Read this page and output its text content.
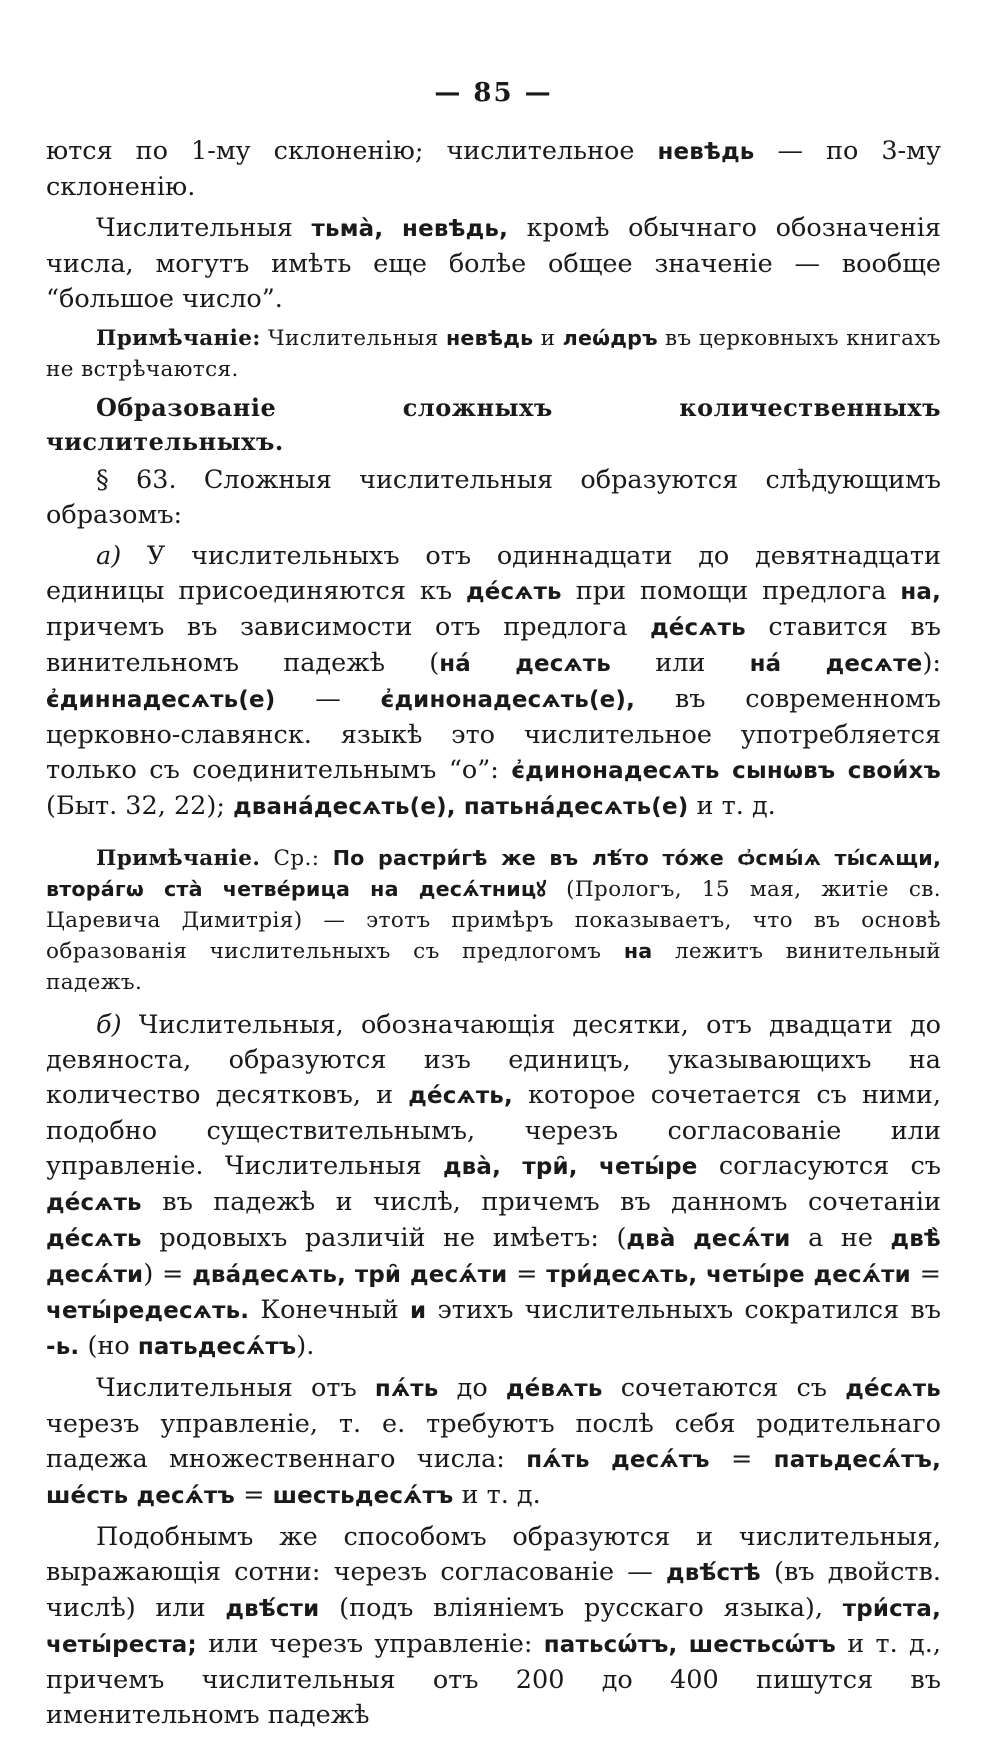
— 85 —

ются по 1-му склоненію; числительное невѣдь — по 3-му склоненію.

Числительныя тьма̀, невѣдь, кромѣ обычнаго обозначенія числа, могутъ имѣть еще болѣе общее значеніе — вообще “большое число”.

Примѣчаніе: Числительныя невѣдь и леѡ́дръ въ церковныхъ книгахъ не встрѣчаются.

Образованіе сложныхъ количественныхъ числительныхъ.

§ 63. Сложныя числительныя образуются слѣдующимъ образомъ:

а) У числительныхъ отъ одиннадцати до девятнадцати единицы присоединяются къ де́сѧть при помощи предлога на, причемъ въ зависимости отъ предлога де́сѧть ставится въ винительномъ падежѣ (на́ десѧть или на́ десѧте): є҆диннадесѧть(е) — є҆динонадесѧть(е), въ современномъ церковно-славянск. языкѣ это числительное употребляется только съ соединительнымъ “о”: є҆динонадесѧть сынѡвъ свои́хъ (Быт. 32, 22); двана́десѧть(е), патьна́десѧть(е) и т. д.

Примѣчаніе. Ср.: По растри́гѣ же въ лѣ́то то́же ѻ҆смы́ѧ ты́сѧщи, втора́гѡ ста̀ четве́рица на десѧ́тницꙋ (Прологъ, 15 мая, житіе св. Царевича Димитрія) — этотъ примѣръ показываетъ, что въ основѣ образованія числительныхъ съ предлогомъ на лежитъ винительный падежъ.

б) Числительныя, обозначающія десятки, отъ двадцати до девяноста, образуются изъ единицъ, указывающихъ на количество десятковъ, и де́сѧть, которое сочетается съ ними, подобно существительнымъ, черезъ согласованіе или управленіе. Числительныя два̀, три̑, четы́ре согласуются съ де́сѧть въ падежѣ и числѣ, причемъ въ данномъ сочетаніи де́сѧть родовыхъ различій не имѣетъ: (два̀ десѧ́ти а не двѣ̀ десѧ́ти) = два́десѧть, три̑ десѧ́ти = три́десѧть, четы́ре десѧ́ти = четы́редесѧть. Конечный и этихъ числительныхъ сократился въ -ь. (но патьдесѧ́тъ).

Числительныя отъ пѧ́ть до де́вѧть сочетаются съ де́сѧть черезъ управленіе, т. е. требуютъ послѣ себя родительнаго падежа множественнаго числа: пѧ́ть десѧ́тъ = патьдесѧ́тъ, ше́сть десѧ́тъ = шестьдесѧ́тъ и т. д.

Подобнымъ же способомъ образуются и числительныя, выражающія сотни: черезъ согласованіе — двѣ́стѣ (въ двойств. числѣ) или двѣ́сти (подъ вліяніемъ русскаго языка), три́ста, четы́реста; или черезъ управленіе: патьсѡ́тъ, шестьсѡ́тъ и т. д., причемъ числительныя отъ 200 до 400 пишутся въ именительномъ падежѣ
